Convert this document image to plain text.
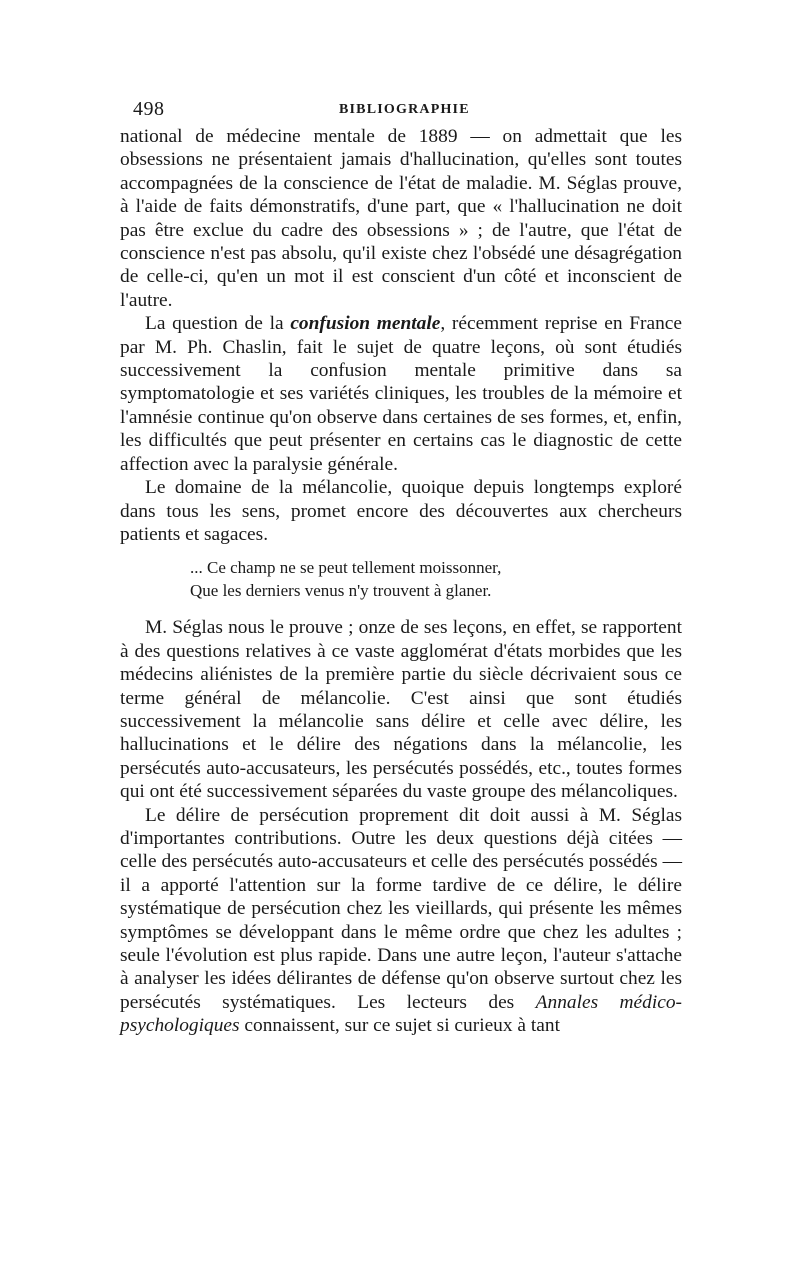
498	BIBLIOGRAPHIE

national de médecine mentale de 1889 — on admettait que les obsessions ne présentaient jamais d'hallucination, qu'elles sont toutes accompagnées de la conscience de l'état de maladie. M. Séglas prouve, à l'aide de faits démonstratifs, d'une part, que « l'hallucination ne doit pas être exclue du cadre des obsessions » ; de l'autre, que l'état de conscience n'est pas absolu, qu'il existe chez l'obsédé une désagrégation de celle-ci, qu'en un mot il est conscient d'un côté et inconscient de l'autre.

La question de la confusion mentale, récemment reprise en France par M. Ph. Chaslin, fait le sujet de quatre leçons, où sont étudiés successivement la confusion mentale primitive dans sa symptomatologie et ses variétés cliniques, les troubles de la mémoire et l'amnésie continue qu'on observe dans certaines de ses formes, et, enfin, les difficultés que peut présenter en certains cas le diagnostic de cette affection avec la paralysie générale.

Le domaine de la mélancolie, quoique depuis longtemps exploré dans tous les sens, promet encore des découvertes aux chercheurs patients et sagaces.

... Ce champ ne se peut tellement moissonner,
Que les derniers venus n'y trouvent à glaner.

M. Séglas nous le prouve ; onze de ses leçons, en effet, se rapportent à des questions relatives à ce vaste agglomérat d'états morbides que les médecins aliénistes de la première partie du siècle décrivaient sous ce terme général de mélancolie. C'est ainsi que sont étudiés successivement la mélancolie sans délire et celle avec délire, les hallucinations et le délire des négations dans la mélancolie, les persécutés auto-accusateurs, les persécutés possédés, etc., toutes formes qui ont été successivement séparées du vaste groupe des mélancoliques.

Le délire de persécution proprement dit doit aussi à M. Séglas d'importantes contributions. Outre les deux questions déjà citées — celle des persécutés auto-accusateurs et celle des persécutés possédés — il a apporté l'attention sur la forme tardive de ce délire, le délire systématique de persécution chez les vieillards, qui présente les mêmes symptômes se développant dans le même ordre que chez les adultes ; seule l'évolution est plus rapide. Dans une autre leçon, l'auteur s'attache à analyser les idées délirantes de défense qu'on observe surtout chez les persécutés systématiques. Les lecteurs des Annales médico-psychologiques connaissent, sur ce sujet si curieux à tant
